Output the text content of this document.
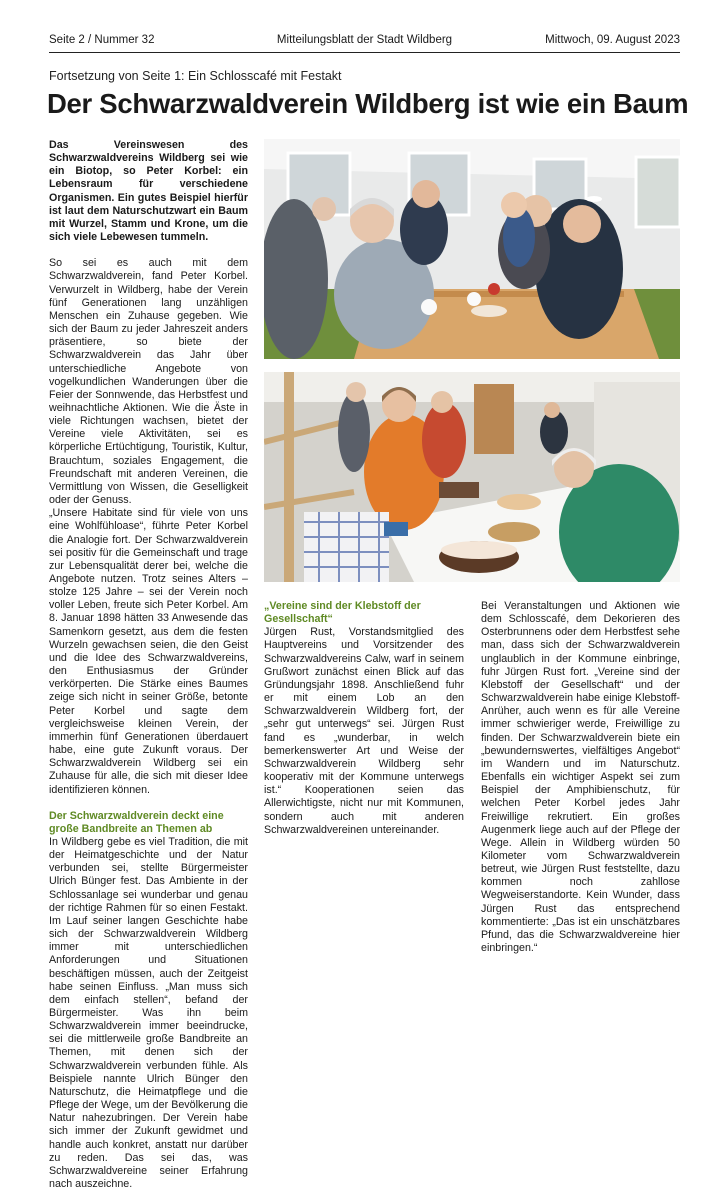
Seite 2 / Nummer 32	Mitteilungsblatt der Stadt Wildberg	Mittwoch, 09. August 2023
Fortsetzung von Seite 1: Ein Schlosscafé mit Festakt
Der Schwarzwaldverein Wildberg ist wie ein Baum

Das Vereinswesen des Schwarzwaldvereins Wildberg sei wie ein Biotop, so Peter Korbel: ein Lebensraum für verschiedene Organismen. Ein gutes Beispiel hierfür ist laut dem Naturschutzwart ein Baum mit Wurzel, Stamm und Krone, um die sich viele Lebewesen tummeln.

So sei es auch mit dem Schwarzwaldverein, fand Peter Korbel. Verwurzelt in Wildberg, habe der Verein fünf Generationen lang unzähligen Menschen ein Zuhause gegeben. Wie sich der Baum zu jeder Jahreszeit anders präsentiere, so biete der Schwarzwaldverein das Jahr über unterschiedliche Angebote von vogelkundlichen Wanderungen über die Feier der Sonnwende, das Herbstfest und weihnachtliche Aktionen. Wie die Äste in viele Richtungen wachsen, bietet der Vereine viele Aktivitäten, sei es körperliche Ertüchtigung, Touristik, Kultur, Brauchtum, soziales Engagement, die Freundschaft mit anderen Vereinen, die Vermittlung von Wissen, die Geselligkeit oder der Genuss.

„Unsere Habitate sind für viele von uns eine Wohlfühloase“, führte Peter Korbel die Analogie fort. Der Schwarzwaldverein sei positiv für die Gemeinschaft und trage zur Lebensqualität derer bei, welche die Angebote nutzen. Trotz seines Alters – stolze 125 Jahre – sei der Verein noch voller Leben, freute sich Peter Korbel. Am 8. Januar 1898 hätten 33 Anwesende das Samenkorn gesetzt, aus dem die festen Wurzeln gewachsen seien, die den Geist und die Idee des Schwarzwaldvereins, den Enthusiasmus der Gründer verkörperten. Die Stärke eines Baumes zeige sich nicht in seiner Größe, betonte Peter Korbel und sagte dem vergleichsweise kleinen Verein, der immerhin fünf Generationen überdauert habe, eine gute Zukunft voraus. Der Schwarzwaldverein Wildberg sei ein Zuhause für alle, die sich mit dieser Idee identifizieren können.

Der Schwarzwaldverein deckt eine große Bandbreite an Themen ab

In Wildberg gebe es viel Tradition, die mit der Heimatgeschichte und der Natur verbunden sei, stellte Bürgermeister Ulrich Bünger fest. Das Ambiente in der Schlossanlage sei wunderbar und genau der richtige Rahmen für so einen Festakt. Im Lauf seiner langen Geschichte habe sich der Schwarzwaldverein Wildberg immer mit unterschiedlichen Anforderungen und Situationen beschäftigen müssen, auch der Zeitgeist habe seinen Einfluss. „Man muss sich dem einfach stellen“, befand der Bürgermeister. Was ihn beim Schwarzwaldverein immer beeindrucke, sei die mittlerweile große Bandbreite an Themen, mit denen sich der Schwarzwaldverein verbunden fühle. Als Beispiele nannte Ulrich Bünger den Naturschutz, die Heimatpflege und die Pflege der Wege, um der Bevölkerung die Natur nahezubringen. Der Verein habe sich immer der Zukunft gewidmet und handle auch konkret, anstatt nur darüber zu reden. Das sei das, was Schwarzwaldvereine seiner Erfahrung nach auszeichne.

„Vereine sind der Klebstoff der Gesellschaft“

Jürgen Rust, Vorstandsmitglied des Hauptvereins und Vorsitzender des Schwarzwaldvereins Calw, warf in seinem Grußwort zunächst einen Blick auf das Gründungsjahr 1898. Anschließend fuhr er mit einem Lob an den Schwarzwaldverein Wildberg fort, der „sehr gut unterwegs“ sei. Jürgen Rust fand es „wunderbar, in welch bemerkenswerter Art und Weise der Schwarzwaldverein Wildberg sehr kooperativ mit der Kommune unterwegs ist.“ Kooperationen seien das Allerwichtigste, nicht nur mit Kommunen, sondern auch mit anderen Schwarzwaldvereinen untereinander.

Bei Veranstaltungen und Aktionen wie dem Schlosscafé, dem Dekorieren des Osterbrunnens oder dem Herbstfest sehe man, dass sich der Schwarzwaldverein unglaublich in der Kommune einbringe, fuhr Jürgen Rust fort. „Vereine sind der Klebstoff der Gesellschaft“ und der Schwarzwaldverein habe einige Klebstoff-Anrüher, auch wenn es für alle Vereine immer schwieriger werde, Freiwillige zu finden. Der Schwarzwaldverein biete ein „bewundernswertes, vielfältiges Angebot“ im Wandern und im Naturschutz. Ebenfalls ein wichtiger Aspekt sei zum Beispiel der Amphibienschutz, für welchen Peter Korbel jedes Jahr Freiwillige rekrutiert. Ein großes Augenmerk liege auch auf der Pflege der Wege. Allein in Wildberg würden 50 Kilometer vom Schwarzwaldverein betreut, wie Jürgen Rust feststellte, dazu kommen noch zahllose Wegweiserstandorte. Kein Wunder, dass Jürgen Rust das entsprechend kommentierte: „Das ist ein unschätzbares Pfund, das die Schwarzwaldvereine hier einbringen.“
